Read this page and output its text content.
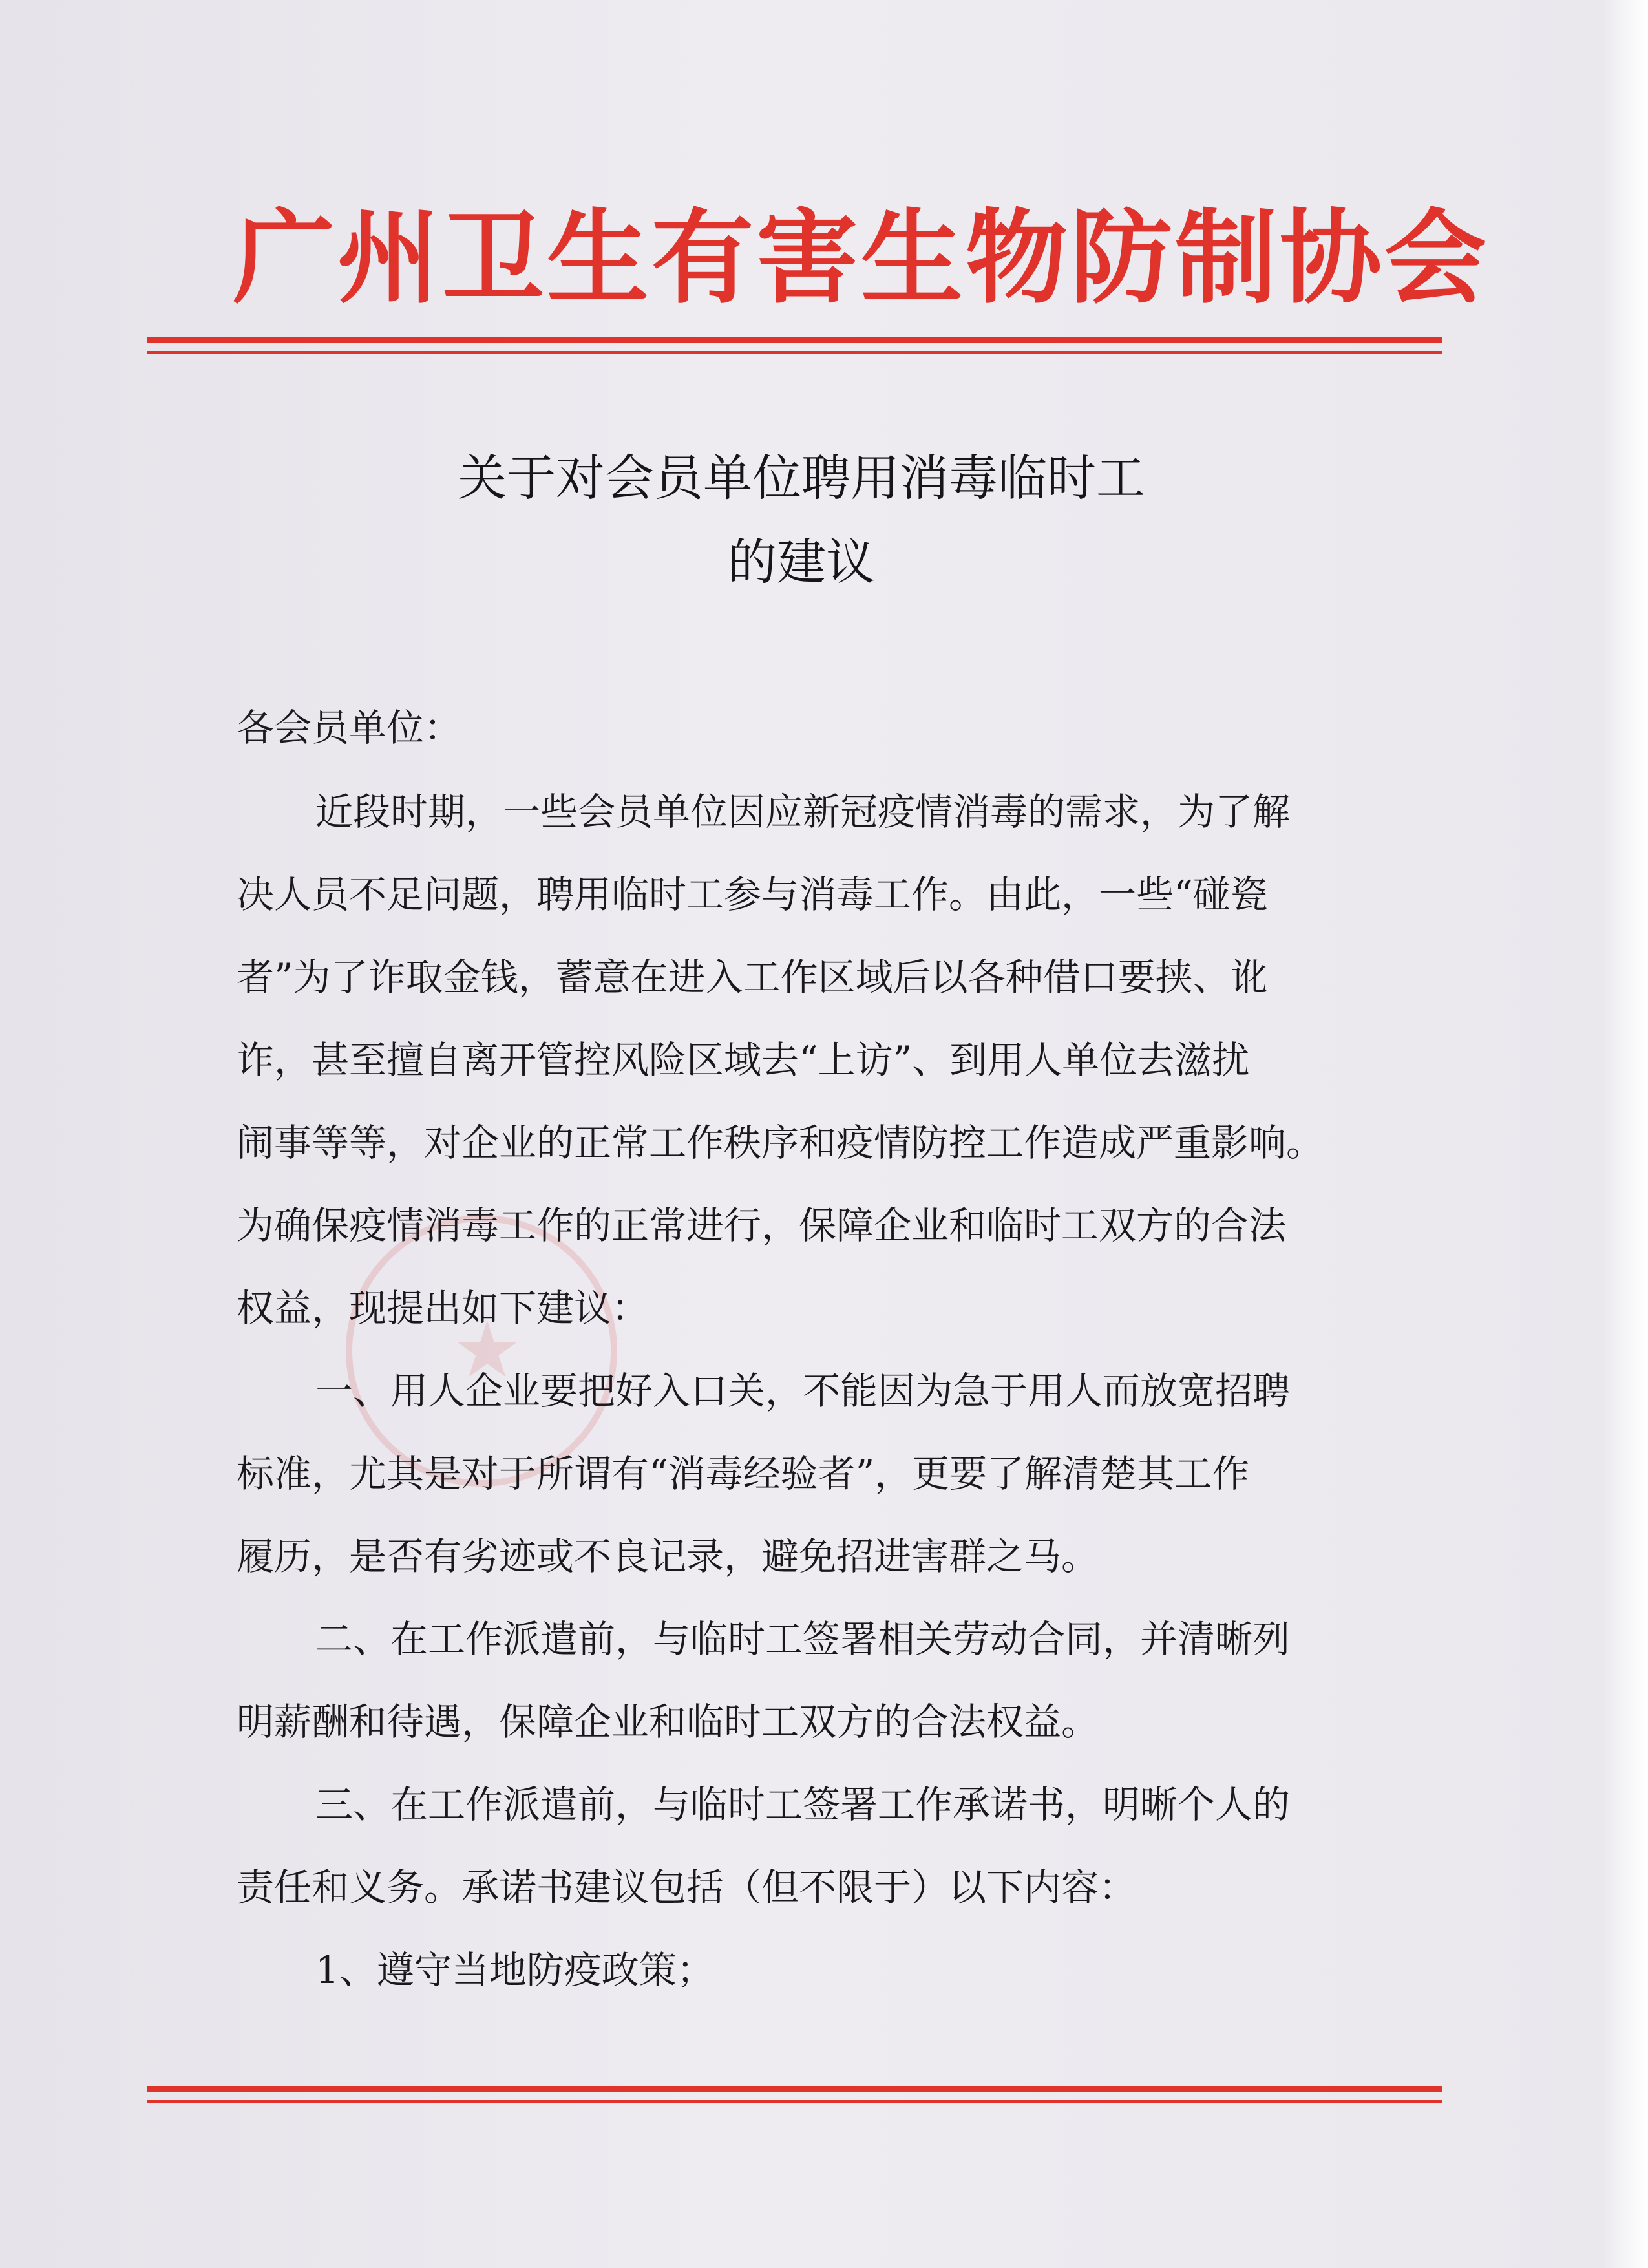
★
广州卫生有害生物防制协会
关于对会员单位聘用消毒临时工
的建议
各会员单位：
近段时期，一些会员单位因应新冠疫情消毒的需求，为了解
决人员不足问题，聘用临时工参与消毒工作。由此，一些“碰瓷
者”为了诈取金钱，蓄意在进入工作区域后以各种借口要挟、讹
诈，甚至擅自离开管控风险区域去“上访”、到用人单位去滋扰
闹事等等，对企业的正常工作秩序和疫情防控工作造成严重影响。
为确保疫情消毒工作的正常进行，保障企业和临时工双方的合法
权益，现提出如下建议：
一、用人企业要把好入口关，不能因为急于用人而放宽招聘
标准，尤其是对于所谓有“消毒经验者”，更要了解清楚其工作
履历，是否有劣迹或不良记录，避免招进害群之马。
二、在工作派遣前，与临时工签署相关劳动合同，并清晰列
明薪酬和待遇，保障企业和临时工双方的合法权益。
三、在工作派遣前，与临时工签署工作承诺书，明晰个人的
责任和义务。承诺书建议包括（但不限于）以下内容：
1、遵守当地防疫政策；
